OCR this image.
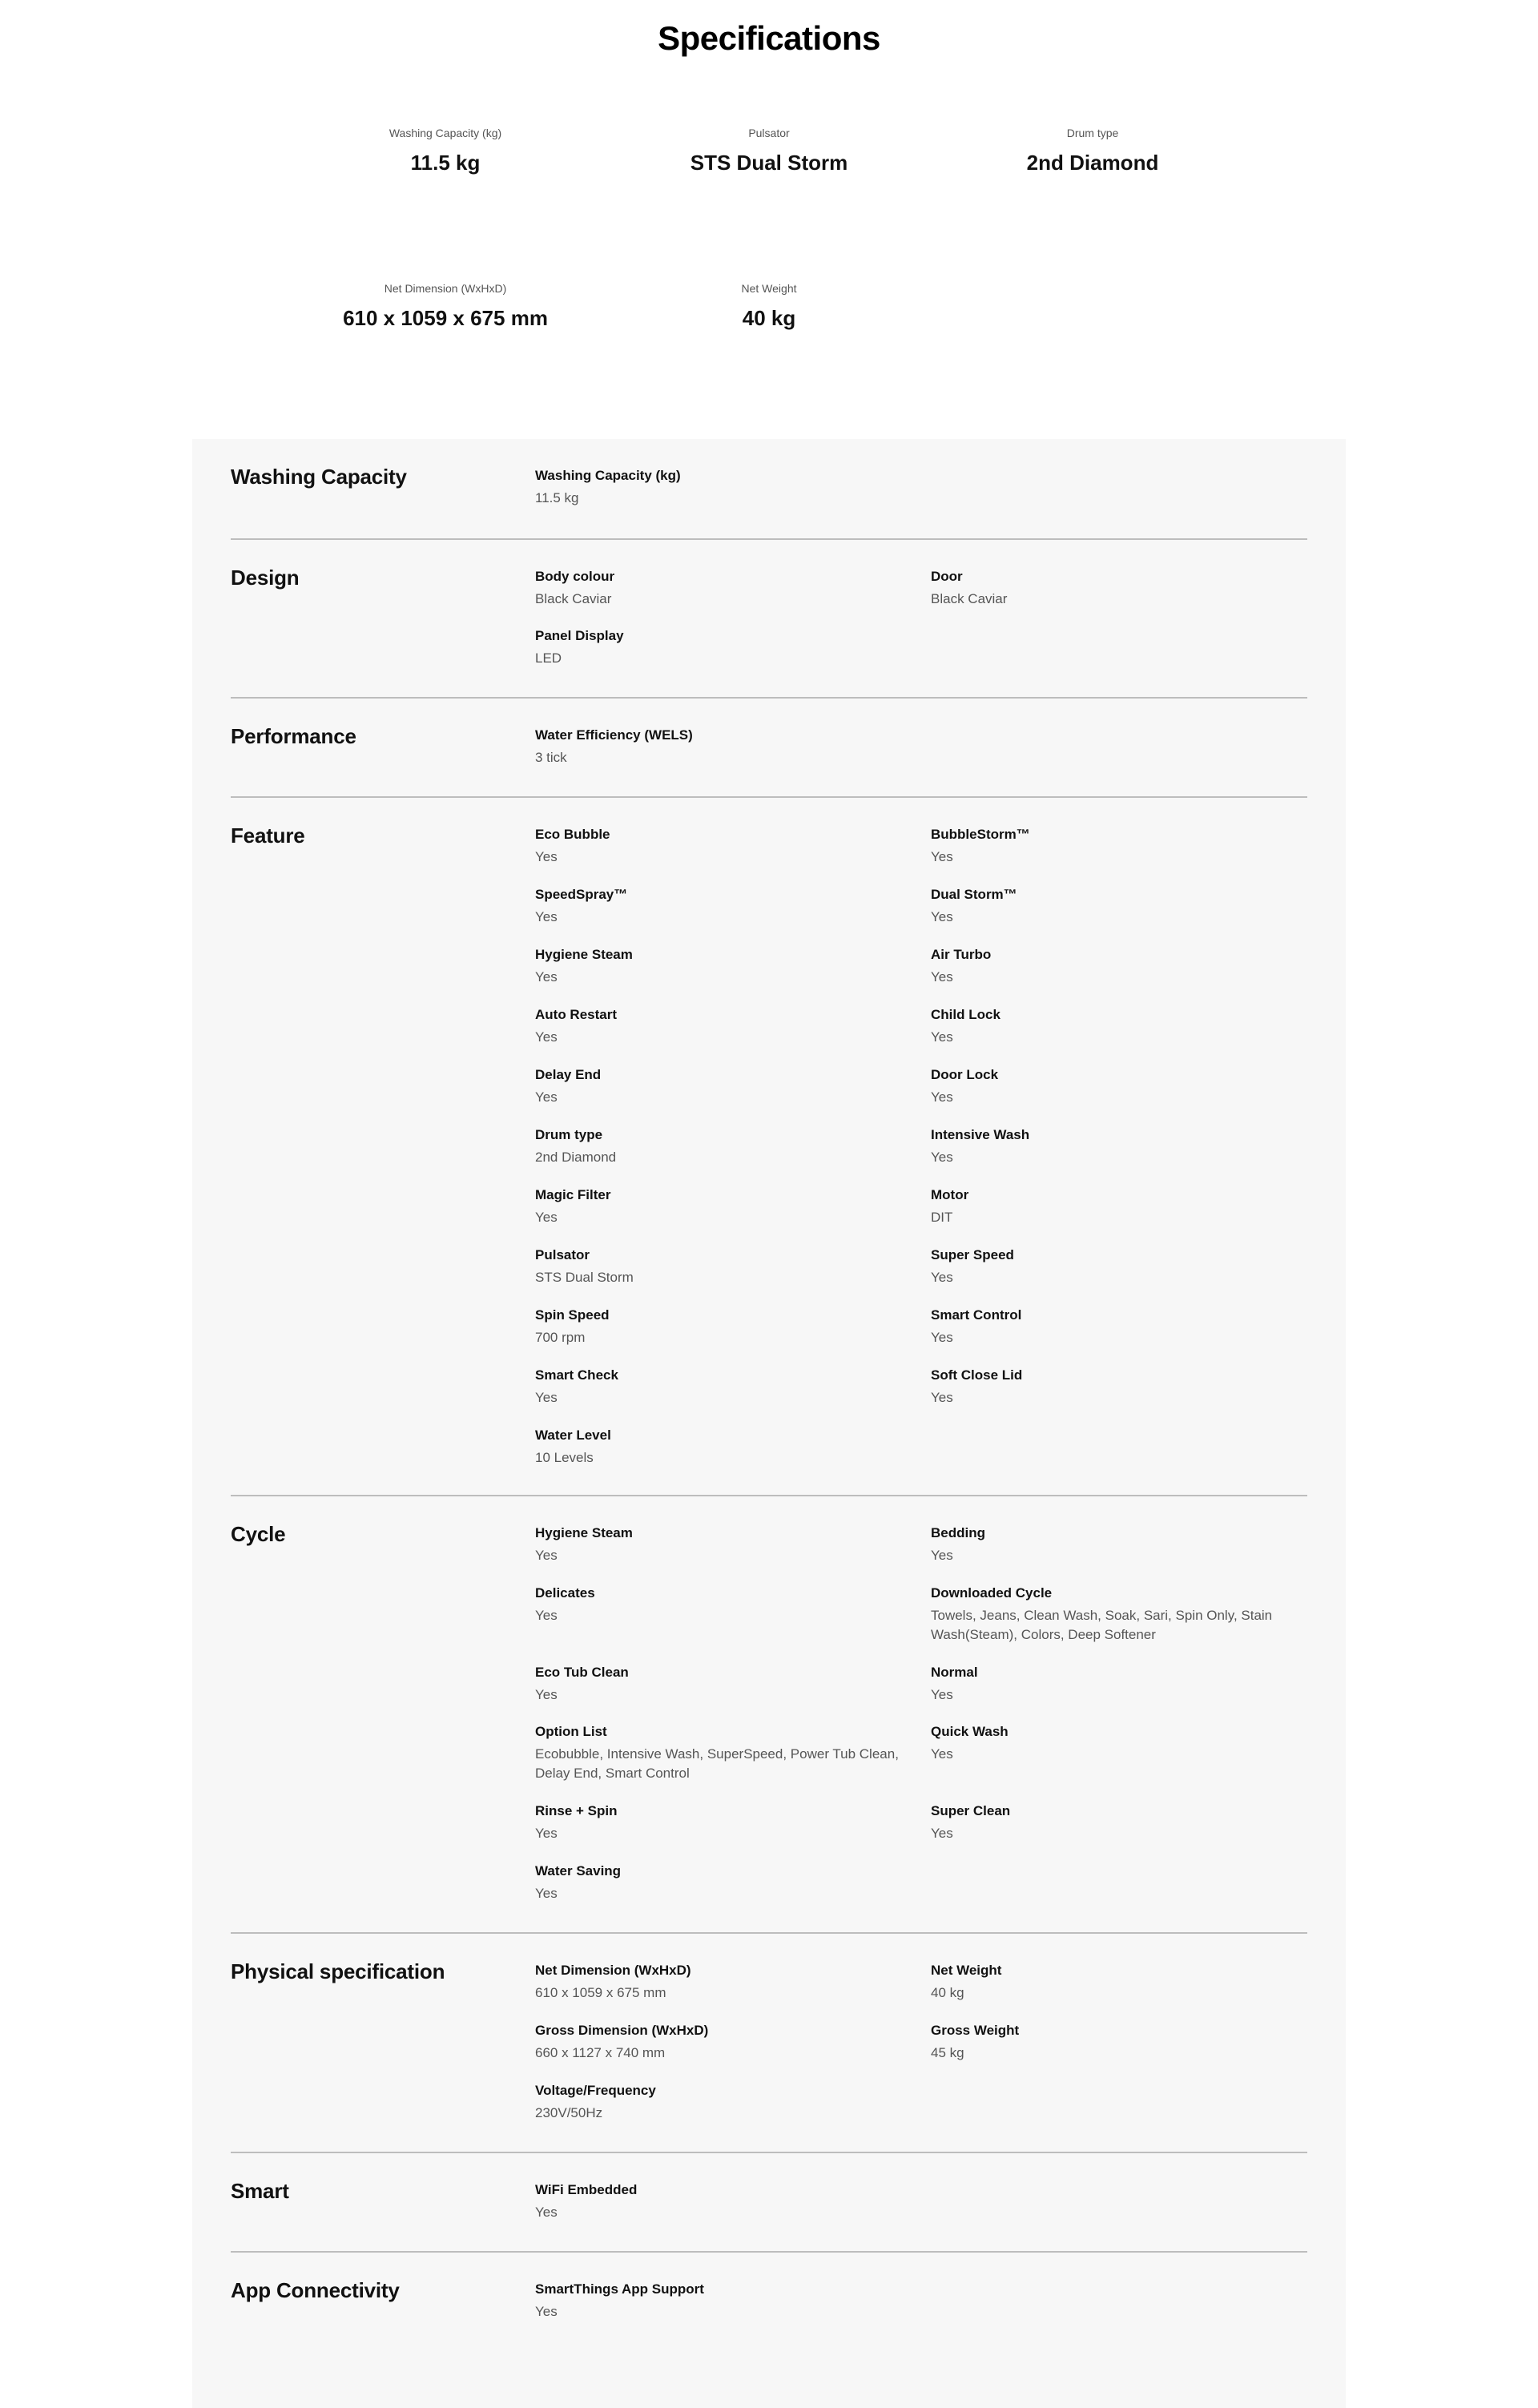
Specifications
Washing Capacity (kg)
11.5 kg
Pulsator
STS Dual Storm
Drum type
2nd Diamond
Net Dimension (WxHxD)
610 x 1059 x 675 mm
Net Weight
40 kg
Washing Capacity	Washing Capacity (kg)
11.5 kg
Design	Body colour
Black Caviar
Door
Black Caviar
Panel Display
LED
Performance	Water Efficiency (WELS)
3 tick
Feature	Eco Bubble
Yes
BubbleStorm™
Yes
SpeedSpray™
Yes
Dual Storm™
Yes
Hygiene Steam
Yes
Air Turbo
Yes
Auto Restart
Yes
Child Lock
Yes
Delay End
Yes
Door Lock
Yes
Drum type
2nd Diamond
Intensive Wash
Yes
Magic Filter
Yes
Motor
DIT
Pulsator
STS Dual Storm
Super Speed
Yes
Spin Speed
700 rpm
Smart Control
Yes
Smart Check
Yes
Soft Close Lid
Yes
Water Level
10 Levels
Cycle	Hygiene Steam
Yes
Bedding
Yes
Delicates
Yes
Downloaded Cycle
Towels, Jeans, Clean Wash, Soak, Sari, Spin Only, Stain Wash(Steam), Colors, Deep Softener
Eco Tub Clean
Yes
Normal
Yes
Option List
Ecobubble, Intensive Wash, SuperSpeed, Power Tub Clean, Delay End, Smart Control
Quick Wash
Yes
Rinse + Spin
Yes
Super Clean
Yes
Water Saving
Yes
Physical specification	Net Dimension (WxHxD)
610 x 1059 x 675 mm
Net Weight
40 kg
Gross Dimension (WxHxD)
660 x 1127 x 740 mm
Gross Weight
45 kg
Voltage/Frequency
230V/50Hz
Smart	WiFi Embedded
Yes
App Connectivity	SmartThings App Support
Yes
